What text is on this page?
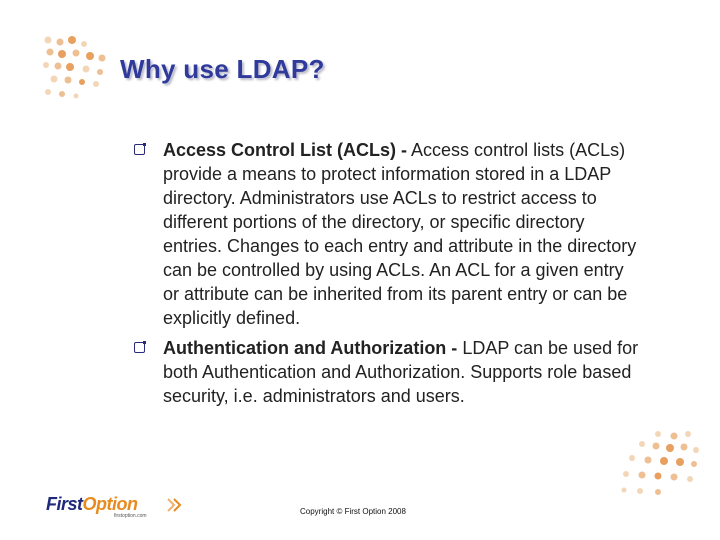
Why use LDAP?
Access Control List (ACLs) - Access control lists (ACLs) provide a means to protect information stored in a LDAP directory. Administrators use ACLs to restrict access to different portions of the directory, or specific directory entries. Changes to each entry and attribute in the directory can be controlled by using ACLs. An ACL for a given entry or attribute can be inherited from its parent entry or can be explicitly defined.
Authentication and Authorization - LDAP can be used for both Authentication and Authorization. Supports role based security, i.e. administrators and users.
FirstOption
firstoption.com	Copyright © First Option 2008
